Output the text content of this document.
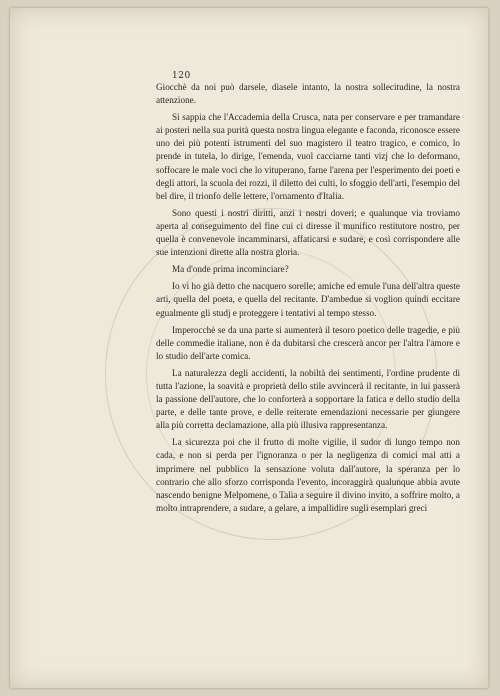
120

Giocchè da noi può darsele, diasele intanto, la nostra sollecitudine, la nostra attenzione.

Si sappia che l'Accademia della Crusca, nata per conservare e per tramandare ai posteri nella sua purità questa nostra lingua elegante e faconda, riconosce essere uno dei più potenti istrumenti del suo magistero il teatro tragico, e comico, lo prende in tutela, lo dirige, l'emenda, vuol cacciarne tanti vizj che lo deformano, soffocare le male voci che lo vituperano, farne l'arena per l'esperimento dei poeti e degli attori, la scuola dei rozzi, il diletto dei culti, lo sfoggio dell'arti, l'esempio del bel dire, il trionfo delle lettere, l'ornamento d'Italia.

Sono questi i nostri diritti, anzi i nostri doveri; e qualunque via troviamo aperta al conseguimento del fine cui ci diresse il munifico restitutore nostro, per quella è convenevole incamminarsi, affaticarsi e sudare, e così corrispondere alle sue intenzioni dirette alla nostra gloria.

Ma d'onde prima incominciare?

Io vi ho già detto che nacquero sorelle; amiche ed emule l'una dell'altra queste arti, quella del poeta, e quella del recitante. D'ambedue si voglion quindi eccitare egualmente gli studj e proteggere i tentativi al tempo stesso.

Imperocchè se da una parte si aumenterà il tesoro poetico delle tragedie, e più delle commedie italiane, non è da dubitarsi che crescerà ancor per l'altra l'amore e lo studio dell'arte comica.

La naturalezza degli accidenti, la nobiltà dei sentimenti, l'ordine prudente di tutta l'azione, la soavità e proprietà dello stile avvincerà il recitante, in lui passerà la passione dell'autore, che lo conforterà a sopportare la fatica e dello studio della parte, e delle tante prove, e delle reiterate emendazioni necessarie per giungere alla più corretta declamazione, alla più illusiva rappresentanza.

La sicurezza poi che il frutto di molte vigilie, il sudor di lungo tempo non cada, e non si perda per l'ignoranza o per la negligenza di comici mal atti a imprimere nel pubblico la sensazione voluta dall'autore, la speranza per lo contrario che allo sforzo corrisponda l'evento, incoraggirà qualunque abbia avute nascendo benigne Melpomene, o Talìa a seguire il divino invito, a soffrire molto, a molto intraprendere, a sudare, a gelare, a impallidire sugli esemplari greci
